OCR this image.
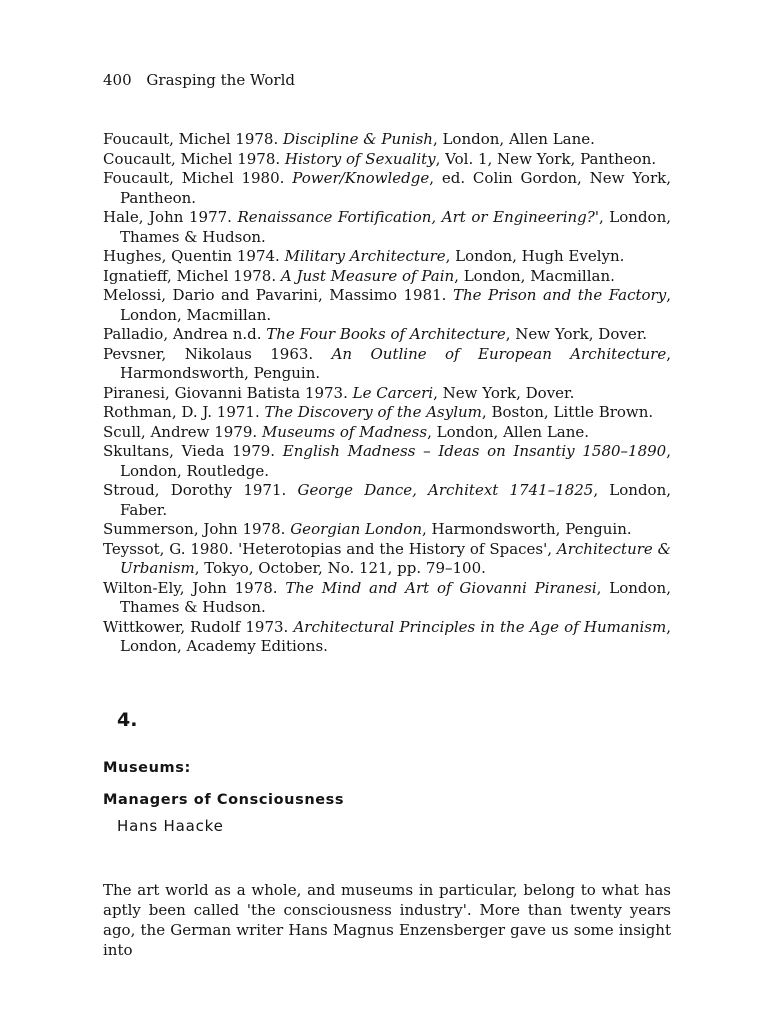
400 Grasping the World

Foucault, Michel 1978. Discipline & Punish, London, Allen Lane.

Coucault, Michel 1978. History of Sexuality, Vol. 1, New York, Pantheon.

Foucault, Michel 1980. Power/Knowledge, ed. Colin Gordon, New York, Pantheon.

Hale, John 1977. Renaissance Fortification, Art or Engineering?', London, Thames & Hudson.

Hughes, Quentin 1974. Military Architecture, London, Hugh Evelyn.

Ignatieff, Michel 1978. A Just Measure of Pain, London, Macmillan.

Melossi, Dario and Pavarini, Massimo 1981. The Prison and the Factory, London, Macmillan.

Palladio, Andrea n.d. The Four Books of Architecture, New York, Dover.

Pevsner, Nikolaus 1963. An Outline of European Architecture, Harmondsworth, Penguin.

Piranesi, Giovanni Batista 1973. Le Carceri, New York, Dover.

Rothman, D. J. 1971. The Discovery of the Asylum, Boston, Little Brown.

Scull, Andrew 1979. Museums of Madness, London, Allen Lane.

Skultans, Vieda 1979. English Madness – Ideas on Insantiy 1580–1890, London, Routledge.

Stroud, Dorothy 1971. George Dance, Architext 1741–1825, London, Faber.

Summerson, John 1978. Georgian London, Harmondsworth, Penguin.

Teyssot, G. 1980. 'Heterotopias and the History of Spaces', Architecture & Urbanism, Tokyo, October, No. 121, pp. 79–100.

Wilton-Ely, John 1978. The Mind and Art of Giovanni Piranesi, London, Thames & Hudson.

Wittkower, Rudolf 1973. Architectural Principles in the Age of Humanism, London, Academy Editions.

4.
Museums:
Managers of Consciousness
Hans Haacke

The art world as a whole, and museums in particular, belong to what has aptly been called 'the consciousness industry'. More than twenty years ago, the German writer Hans Magnus Enzensberger gave us some insight into
